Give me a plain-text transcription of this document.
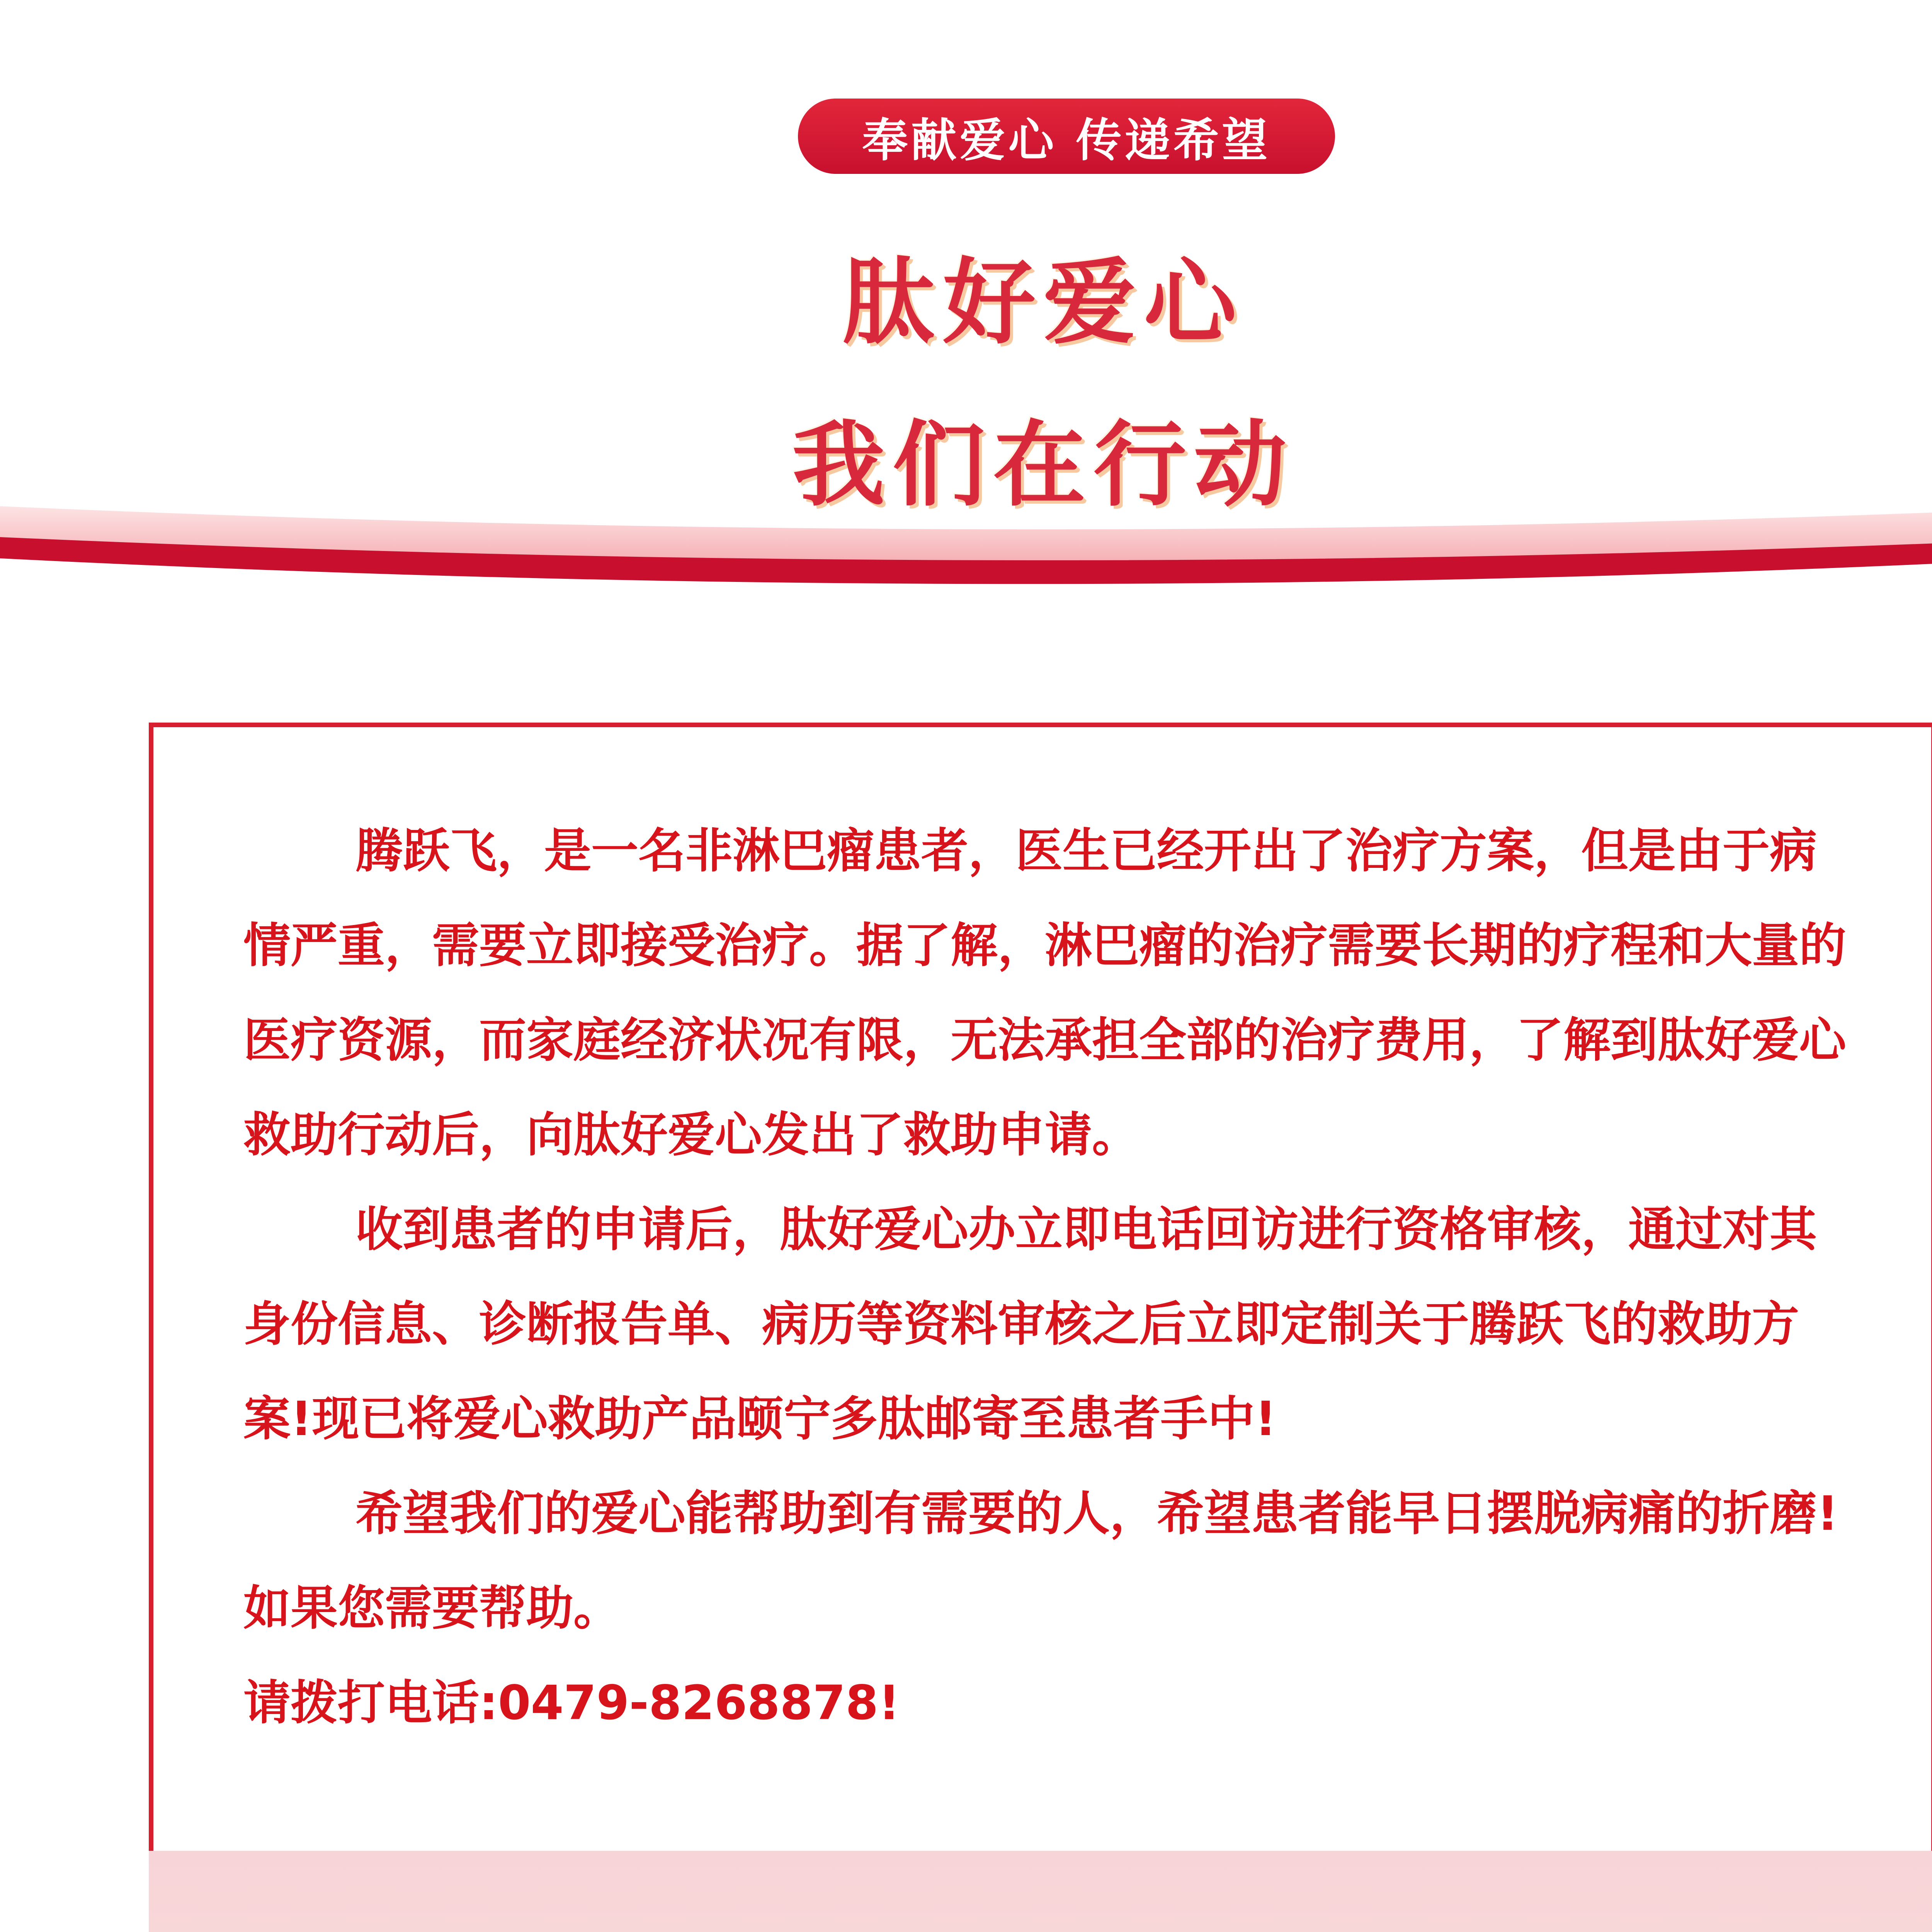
奉献爱心 传递希望
肽好爱心
我们在行动

腾跃飞，是一名非淋巴瘤患者，医生已经开出了治疗方案，但是由于病情严重，需要立即接受治疗。据了解，淋巴瘤的治疗需要长期的疗程和大量的医疗资源，而家庭经济状况有限，无法承担全部的治疗费用，了解到肽好爱心救助行动后，向肽好爱心发出了救助申请。

收到患者的申请后，肽好爱心办立即电话回访进行资格审核，通过对其身份信息、诊断报告单、病历等资料审核之后立即定制关于腾跃飞的救助方案!现已将爱心救助产品颐宁多肽邮寄至患者手中!

希望我们的爱心能帮助到有需要的人，希望患者能早日摆脱病痛的折磨!

如果您需要帮助。

请拨打电话:0479-8268878!
